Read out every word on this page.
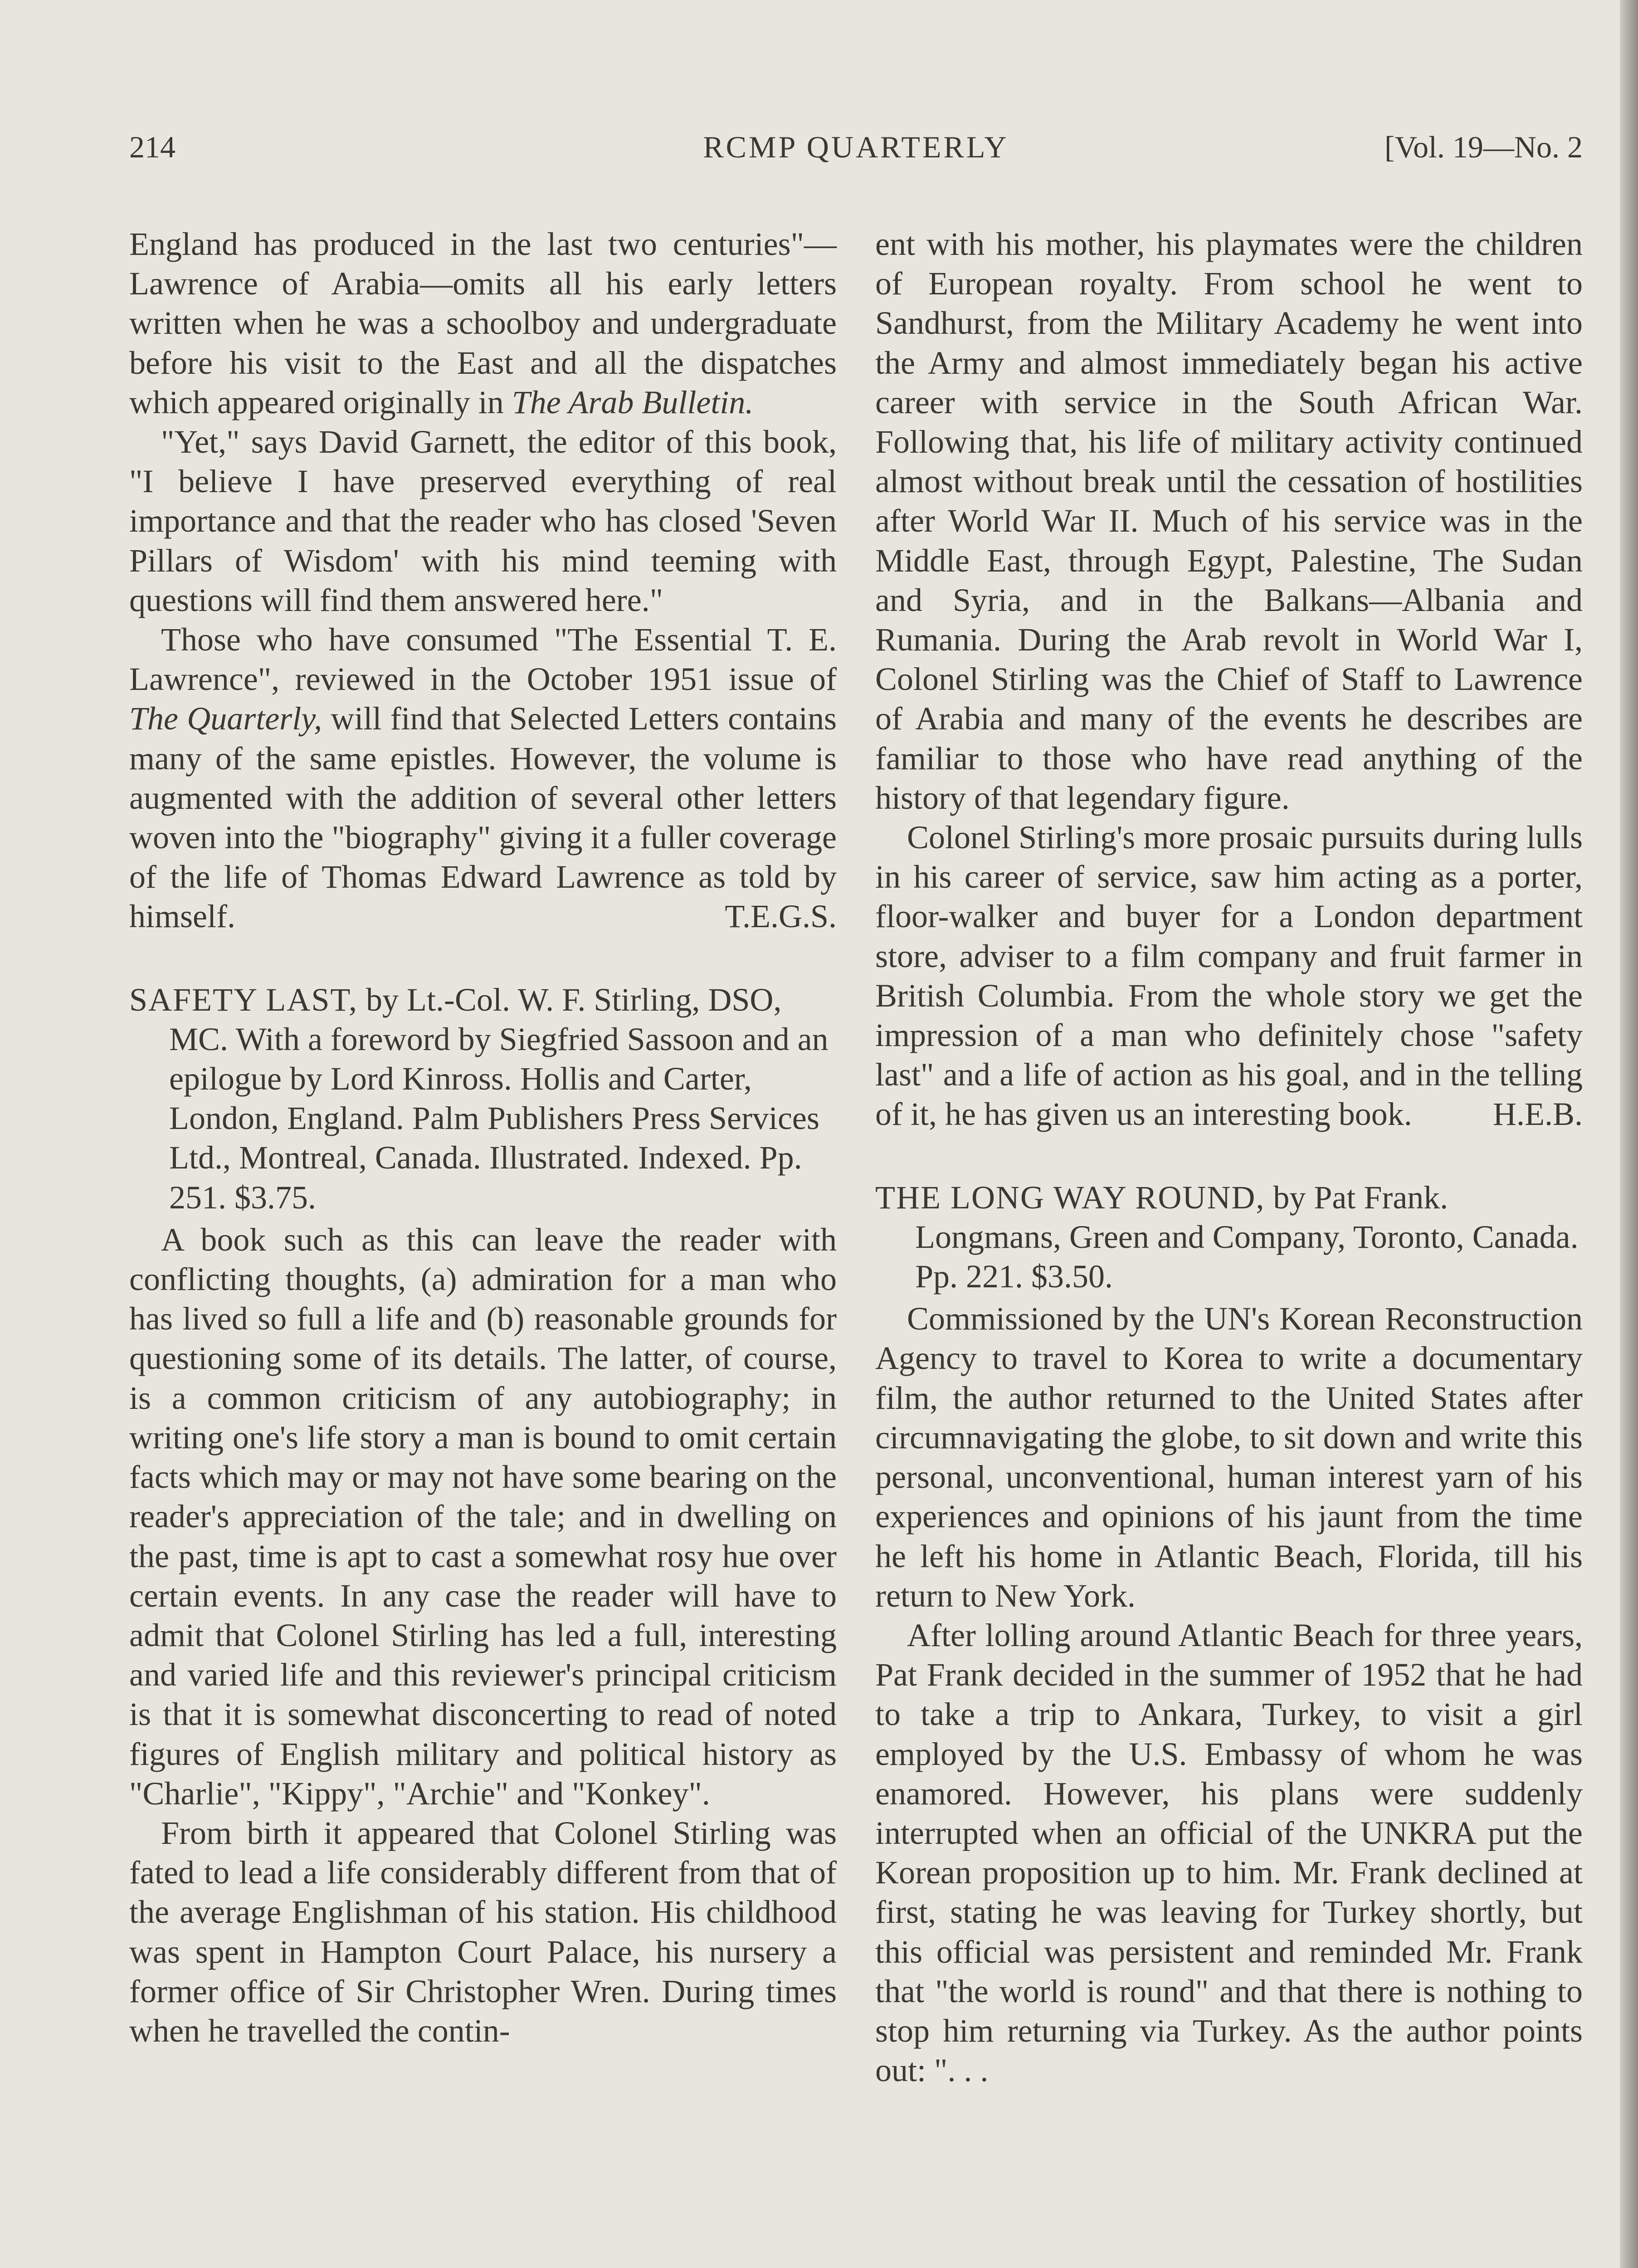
214	RCMP QUARTERLY	[Vol. 19—No. 2

England has produced in the last two centuries"—Lawrence of Arabia—omits all his early letters written when he was a schoolboy and undergraduate before his visit to the East and all the dispatches which appeared originally in The Arab Bulletin.

"Yet," says David Garnett, the editor of this book, "I believe I have preserved everything of real importance and that the reader who has closed 'Seven Pillars of Wisdom' with his mind teeming with questions will find them answered here."

Those who have consumed "The Essential T. E. Lawrence", reviewed in the October 1951 issue of The Quarterly, will find that Selected Letters contains many of the same epistles. However, the volume is augmented with the addition of several other letters woven into the "biography" giving it a fuller coverage of the life of Thomas Edward Lawrence as told by himself.	T.E.G.S.

SAFETY LAST, by Lt.-Col. W. F. Stirling, DSO, MC. With a foreword by Siegfried Sassoon and an epilogue by Lord Kinross. Hollis and Carter, London, England. Palm Publishers Press Services Ltd., Montreal, Canada. Illustrated. Indexed. Pp. 251. $3.75.

A book such as this can leave the reader with conflicting thoughts, (a) admiration for a man who has lived so full a life and (b) reasonable grounds for questioning some of its details. The latter, of course, is a common criticism of any autobiography; in writing one's life story a man is bound to omit certain facts which may or may not have some bearing on the reader's appreciation of the tale; and in dwelling on the past, time is apt to cast a somewhat rosy hue over certain events. In any case the reader will have to admit that Colonel Stirling has led a full, interesting and varied life and this reviewer's principal criticism is that it is somewhat disconcerting to read of noted figures of English military and political history as "Charlie", "Kippy", "Archie" and "Konkey".

From birth it appeared that Colonel Stirling was fated to lead a life considerably different from that of the average Englishman of his station. His childhood was spent in Hampton Court Palace, his nursery a former office of Sir Christopher Wren. During times when he travelled the contin-

ent with his mother, his playmates were the children of European royalty. From school he went to Sandhurst, from the Military Academy he went into the Army and almost immediately began his active career with service in the South African War. Following that, his life of military activity continued almost without break until the cessation of hostilities after World War II. Much of his service was in the Middle East, through Egypt, Palestine, The Sudan and Syria, and in the Balkans—Albania and Rumania. During the Arab revolt in World War I, Colonel Stirling was the Chief of Staff to Lawrence of Arabia and many of the events he describes are familiar to those who have read anything of the history of that legendary figure.

Colonel Stirling's more prosaic pursuits during lulls in his career of service, saw him acting as a porter, floor-walker and buyer for a London department store, adviser to a film company and fruit farmer in British Columbia. From the whole story we get the impression of a man who definitely chose "safety last" and a life of action as his goal, and in the telling of it, he has given us an interesting book.	H.E.B.

THE LONG WAY ROUND, by Pat Frank. Longmans, Green and Company, Toronto, Canada. Pp. 221. $3.50.

Commissioned by the UN's Korean Reconstruction Agency to travel to Korea to write a documentary film, the author returned to the United States after circumnavigating the globe, to sit down and write this personal, unconventional, human interest yarn of his experiences and opinions of his jaunt from the time he left his home in Atlantic Beach, Florida, till his return to New York.

After lolling around Atlantic Beach for three years, Pat Frank decided in the summer of 1952 that he had to take a trip to Ankara, Turkey, to visit a girl employed by the U.S. Embassy of whom he was enamored. However, his plans were suddenly interrupted when an official of the UNKRA put the Korean proposition up to him. Mr. Frank declined at first, stating he was leaving for Turkey shortly, but this official was persistent and reminded Mr. Frank that "the world is round" and that there is nothing to stop him returning via Turkey. As the author points out: ". . .
